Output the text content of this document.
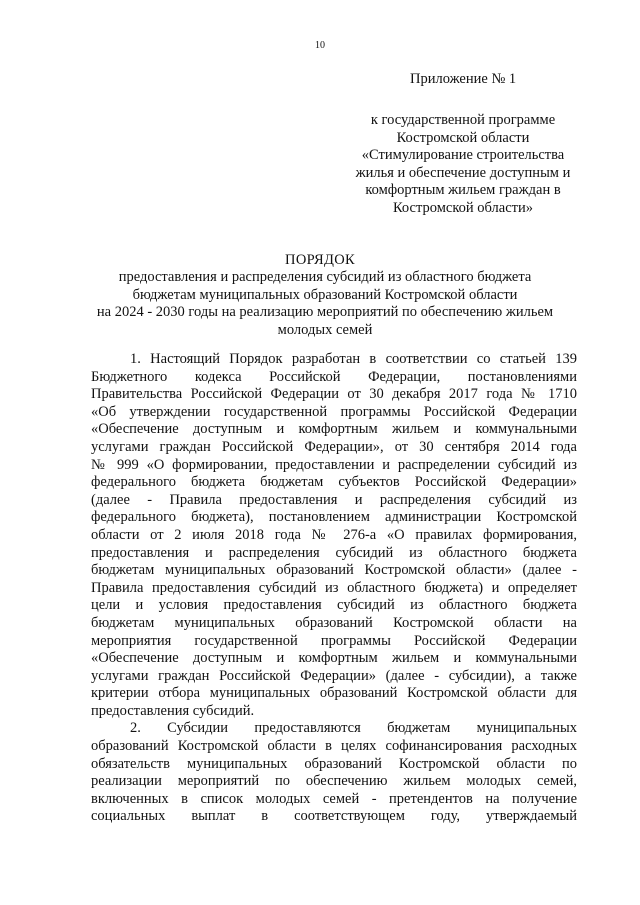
10
Приложение № 1
к государственной программе
Костромской области
«Стимулирование строительства
жилья и обеспечение доступным и
комфортным жильем граждан в
Костромской области»
ПОРЯДОК
предоставления и распределения субсидий из областного бюджета
бюджетам муниципальных образований Костромской области
на 2024 - 2030 годы на реализацию мероприятий по обеспечению жильем
молодых семей
1. Настоящий Порядок разработан в соответствии со статьей 139
Бюджетного кодекса Российской Федерации, постановлениями
Правительства Российской Федерации от 30 декабря 2017 года № 1710
«Об утверждении государственной программы Российской Федерации
«Обеспечение доступным и комфортным жильем и коммунальными
услугами граждан Российской Федерации», от 30 сентября 2014 года
№ 999 «О формировании, предоставлении и распределении субсидий из
федерального бюджета бюджетам субъектов Российской Федерации»
(далее - Правила предоставления и распределения субсидий из
федерального бюджета), постановлением администрации Костромской
области от 2 июля 2018 года № 276-а «О правилах формирования,
предоставления и распределения субсидий из областного бюджета
бюджетам муниципальных образований Костромской области» (далее -
Правила предоставления субсидий из областного бюджета) и определяет
цели и условия предоставления субсидий из областного бюджета
бюджетам муниципальных образований Костромской области на
мероприятия государственной программы Российской Федерации
«Обеспечение доступным и комфортным жильем и коммунальными
услугами граждан Российской Федерации» (далее - субсидии), а также
критерии отбора муниципальных образований Костромской области для
предоставления субсидий.
2. Субсидии предоставляются бюджетам муниципальных
образований Костромской области в целях софинансирования расходных
обязательств муниципальных образований Костромской области по
реализации мероприятий по обеспечению жильем молодых семей,
включенных в список молодых семей - претендентов на получение
социальных выплат в соответствующем году, утверждаемый
